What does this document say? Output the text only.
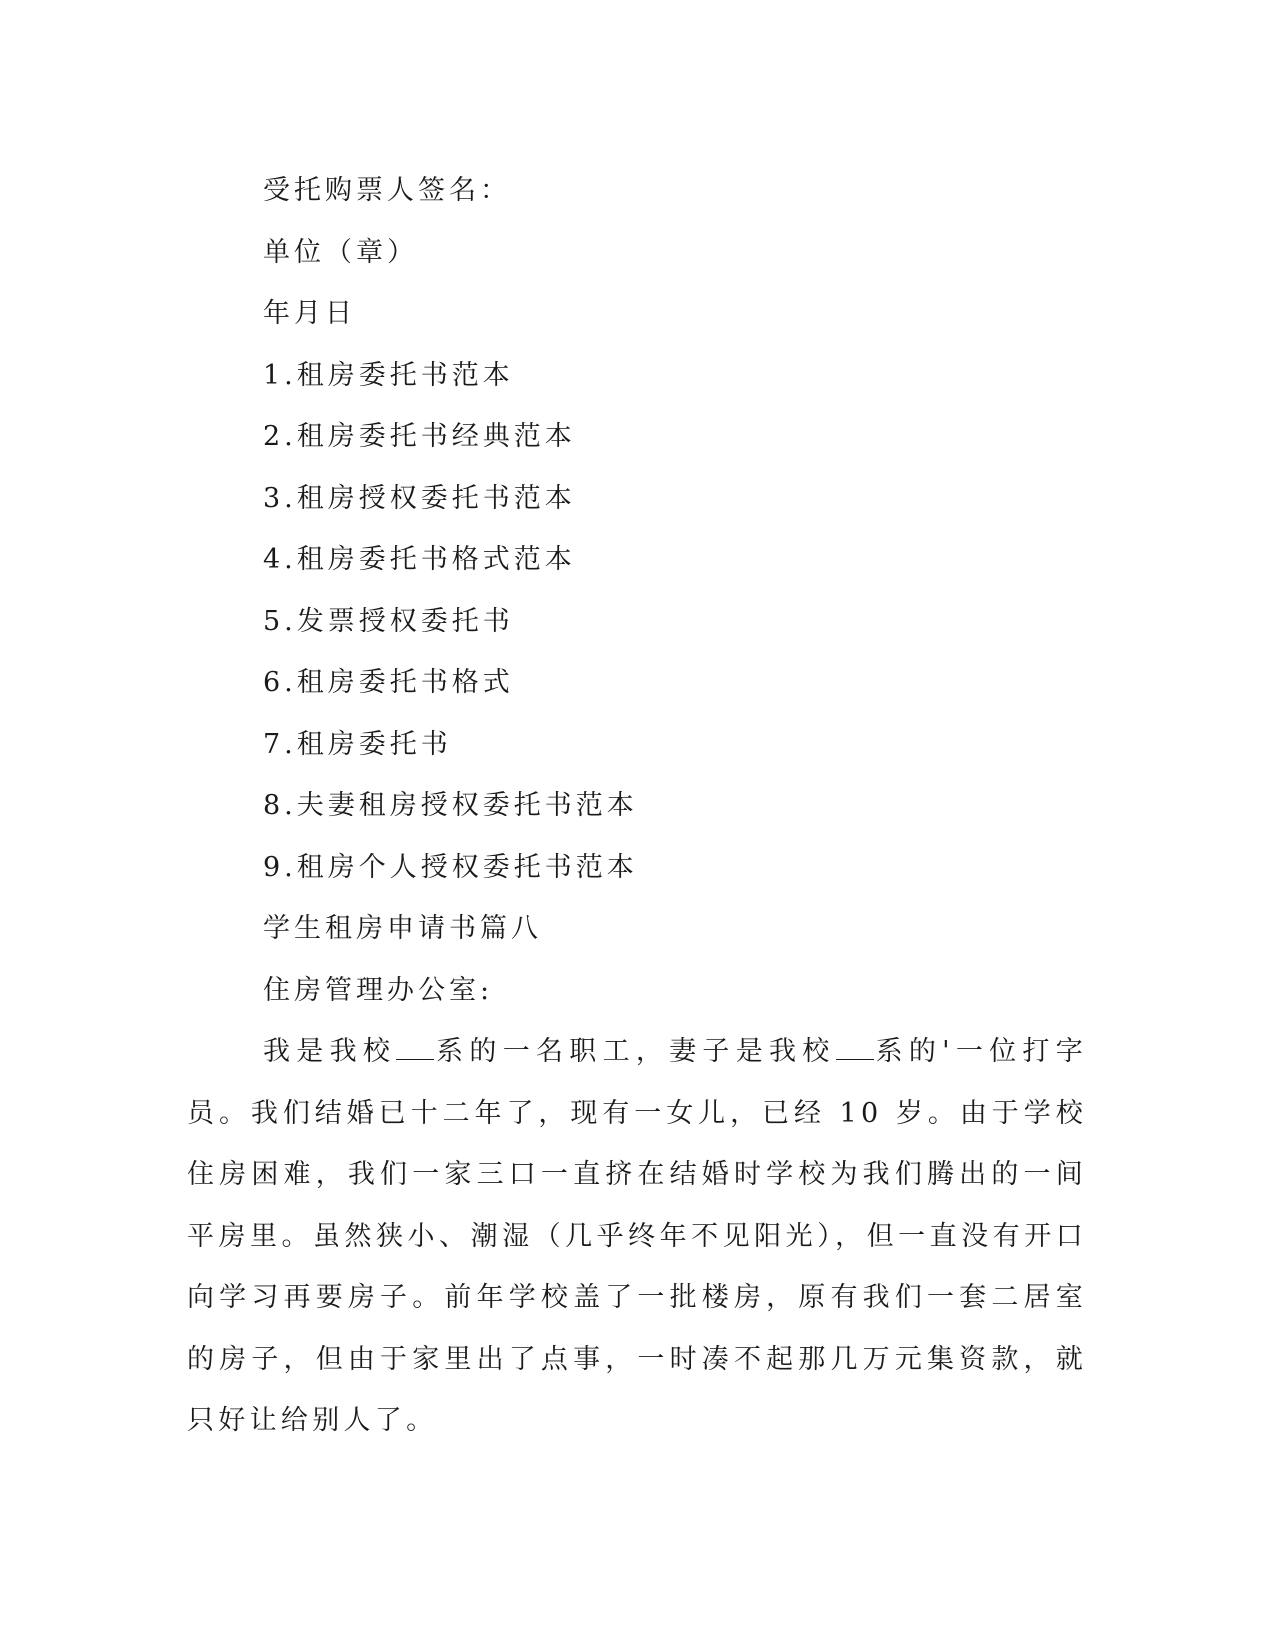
受托购票人签名：
单位（章）
年月日
1.租房委托书范本
2.租房委托书经典范本
3.租房授权委托书范本
4.租房委托书格式范本
5.发票授权委托书
6.租房委托书格式
7.租房委托书
8.夫妻租房授权委托书范本
9.租房个人授权委托书范本
学生租房申请书篇八
住房管理办公室:

我是我校 系的一名职工，妻子是我校 系的'一位打字员。我们结婚已十二年了，现有一女儿，已经 10 岁。由于学校住房困难，我们一家三口一直挤在结婚时学校为我们腾出的一间平房里。虽然狭小、潮湿（几乎终年不见阳光），但一直没有开口向学习再要房子。前年学校盖了一批楼房，原有我们一套二居室的房子，但由于家里出了点事，一时凑不起那几万元集资款，就只好让给别人了。
